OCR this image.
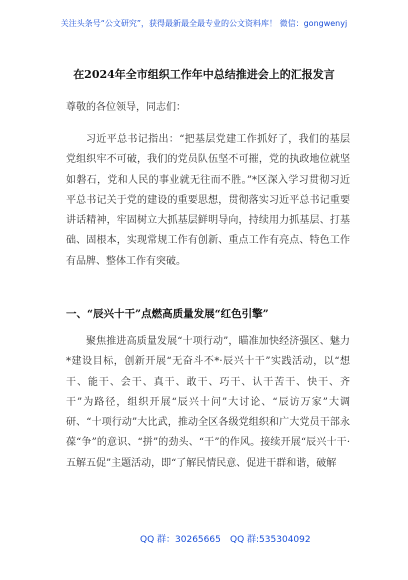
关注头条号“公文研究”，获得最新最全最专业的公文资料库！ 微信：gongwenyj
在2024年全市组织工作年中总结推进会上的汇报发言
尊敬的各位领导，同志们：

习近平总书记指出：“把基层党建工作抓好了，我们的基层党组织牢不可破，我们的党员队伍坚不可摧，党的执政地位就坚如磐石，党和人民的事业就无往而不胜。”*区深入学习贯彻习近平总书记关于党的建设的重要思想，贯彻落实习近平总书记重要讲话精神，牢固树立大抓基层鲜明导向，持续用力抓基层、打基础、固根本，实现常规工作有创新、重点工作有亮点、特色工作有品牌、整体工作有突破。

一、“辰兴十干”点燃高质量发展“红色引擎”

聚焦推进高质量发展“十项行动”，瞄准加快经济强区、魅力*建设目标，创新开展“无奋斗不*·辰兴十干”实践活动，以“想干、能干、会干、真干、敢干、巧干、认干苦干、快干、齐干”为路径，组织开展“辰兴十问”大讨论、“辰访万家”大调研、“十项行动”大比武，推动全区各级党组织和广大党员干部永葆“争”的意识、“拼”的劲头、“干”的作风。接续开展“辰兴十干·五解五促”主题活动，即“了解民情民意、促进干群和谐，破解

QQ 群：30265665 QQ 群:535304092
